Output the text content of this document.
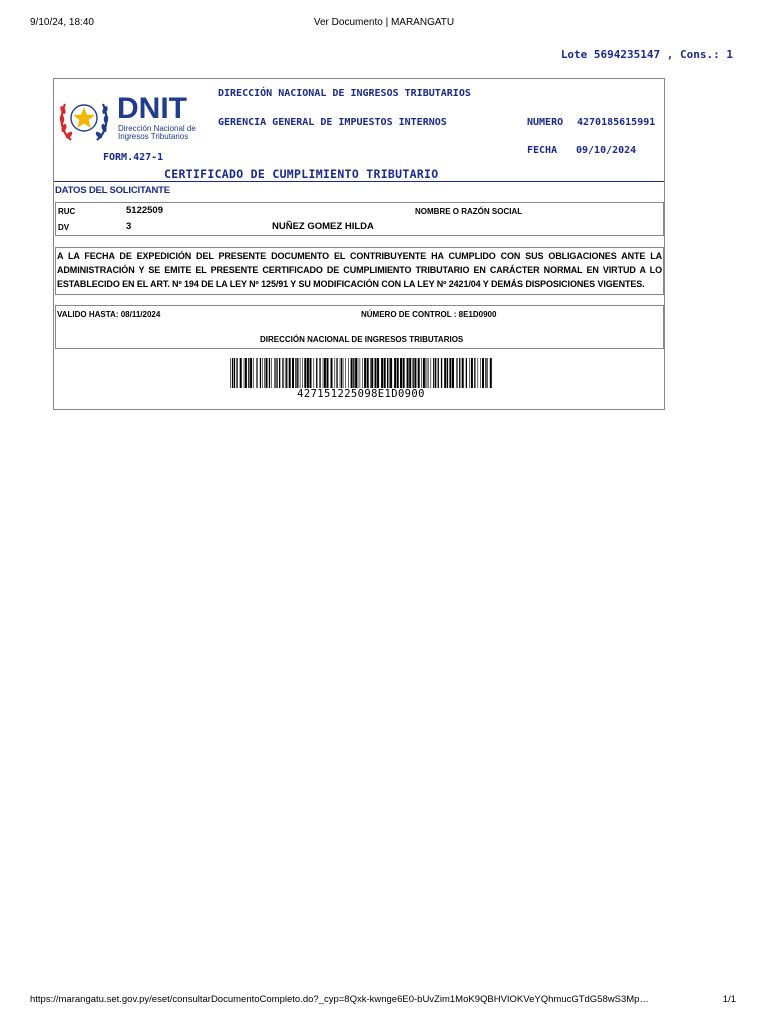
9/10/24, 18:40	Ver Documento | MARANGATU
Lote 5694235147 , Cons.: 1
DNIT
Dirección Nacional de
Ingresos Tributarios
DIRECCIÓN NACIONAL DE INGRESOS TRIBUTARIOS
GERENCIA GENERAL DE IMPUESTOS INTERNOS	NUMERO 4270185615991
FECHA 09/10/2024
FORM.427-1
CERTIFICADO DE CUMPLIMIENTO TRIBUTARIO
DATOS DEL SOLICITANTE
RUC	5122509	NOMBRE O RAZÓN SOCIAL
DV	3	NUÑEZ GOMEZ HILDA
A LA FECHA DE EXPEDICIÓN DEL PRESENTE DOCUMENTO EL CONTRIBUYENTE HA CUMPLIDO CON SUS OBLIGACIONES ANTE LA ADMINISTRACIÓN Y SE EMITE EL PRESENTE CERTIFICADO DE CUMPLIMIENTO TRIBUTARIO EN CARÁCTER NORMAL EN VIRTUD A LO ESTABLECIDO EN EL ART. Nº 194 DE LA LEY Nº 125/91 Y SU MODIFICACIÓN CON LA LEY Nº 2421/04 Y DEMÁS DISPOSICIONES VIGENTES.
VALIDO HASTA: 08/11/2024	NÚMERO DE CONTROL : 8E1D0900
DIRECCIÓN NACIONAL DE INGRESOS TRIBUTARIOS
427151225098E1D0900
https://marangatu.set.gov.py/eset/consultarDocumentoCompleto.do?_cyp=8Qxk-kwnge6E0-bUvZim1MoK9QBHVIOKVeYQhmucGTdG58wS3Mp…	1/1
